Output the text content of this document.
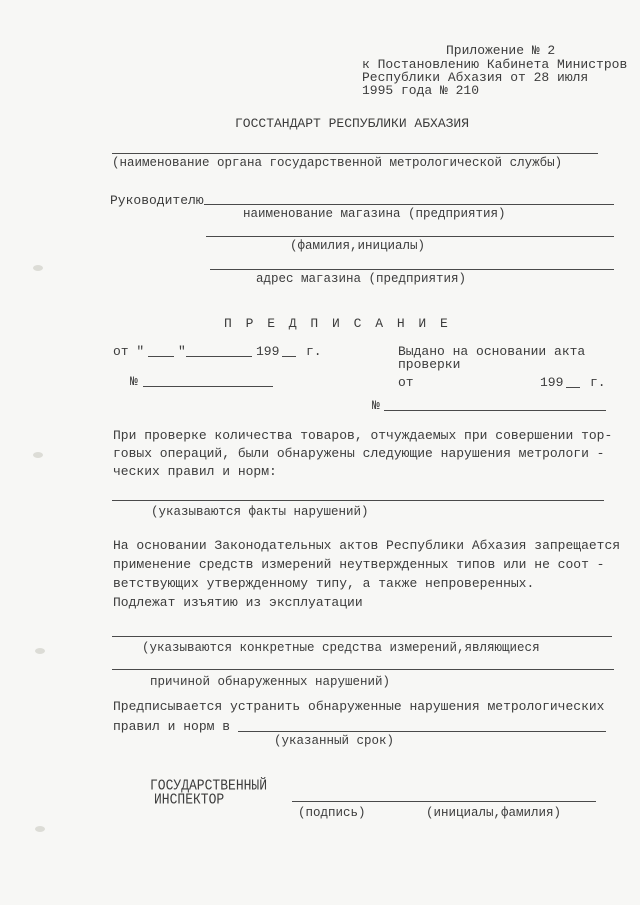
Приложение № 2
к Постановлению Кабинета Министров
Республики Абхазия от 28 июля
1995 года № 210
ГОССТАНДАРТ РЕСПУБЛИКИ АБХАЗИЯ
(наименование органа государственной метрологической службы)
Руководителю
наименование магазина (предприятия)
(фамилия,инициалы)
адрес магазина (предприятия)
П Р Е Д П И С А Н И Е
от "	"	199 г.
№
Выдано на основании акта
проверки
от	199 г.
№
При проверке количества товаров, отчуждаемых при совершении тор-
говых операций, были обнаружены следующие нарушения метрологи -
ческих правил и норм:
(указываются факты нарушений)
На основании Законодательных актов Республики Абхазия запрещается
применение средств измерений неутвержденных типов или не соот -
ветствующих утвержденному типу, а также непроверенных.
Подлежат изъятию из эксплуатации
(указываются конкретные средства измерений,являющиеся
причиной обнаруженных нарушений)
Предписывается устранить обнаруженные нарушения метрологических
правил и норм в
(указанный срок)
ГОСУДАРСТВЕННЫЙ
ИНСПЕКТОР
(подпись)	(инициалы,фамилия)
